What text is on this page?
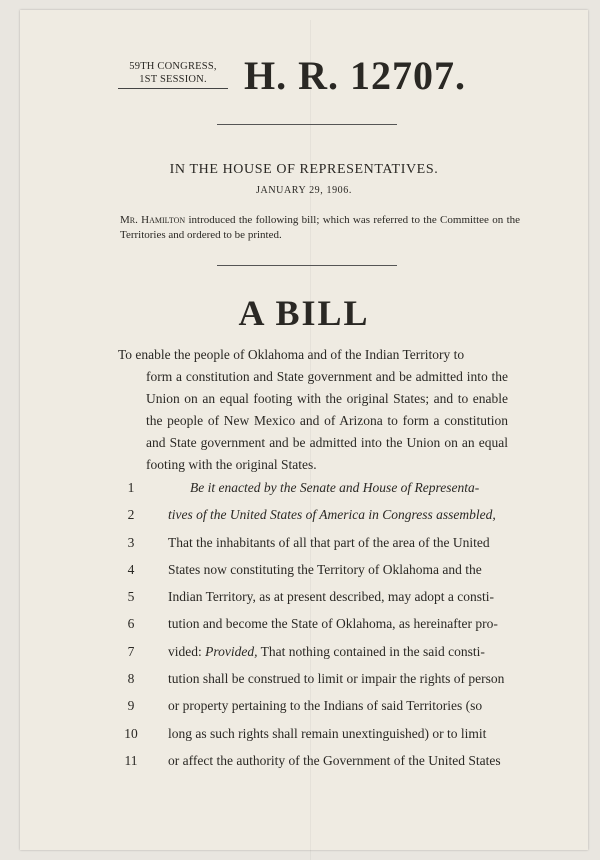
59TH CONGRESS,
1ST SESSION. H. R. 12707.
IN THE HOUSE OF REPRESENTATIVES.
JANUARY 29, 1906.
Mr. Hamilton introduced the following bill; which was referred to the Committee on the Territories and ordered to be printed.
A BILL
To enable the people of Oklahoma and of the Indian Territory to
form a constitution and State government and be admitted into the Union on an equal footing with the original States; and to enable the people of New Mexico and of Arizona to form a constitution and State government and be admitted into the Union on an equal footing with the original States.
1	Be it enacted by the Senate and House of Representa-
2	tives of the United States of America in Congress assembled,
3	That the inhabitants of all that part of the area of the United
4	States now constituting the Territory of Oklahoma and the
5	Indian Territory, as at present described, may adopt a consti-
6	tution and become the State of Oklahoma, as hereinafter pro-
7	vided: Provided, That nothing contained in the said consti-
8	tution shall be construed to limit or impair the rights of person
9	or property pertaining to the Indians of said Territories (so
10	long as such rights shall remain unextinguished) or to limit
11	or affect the authority of the Government of the United States
